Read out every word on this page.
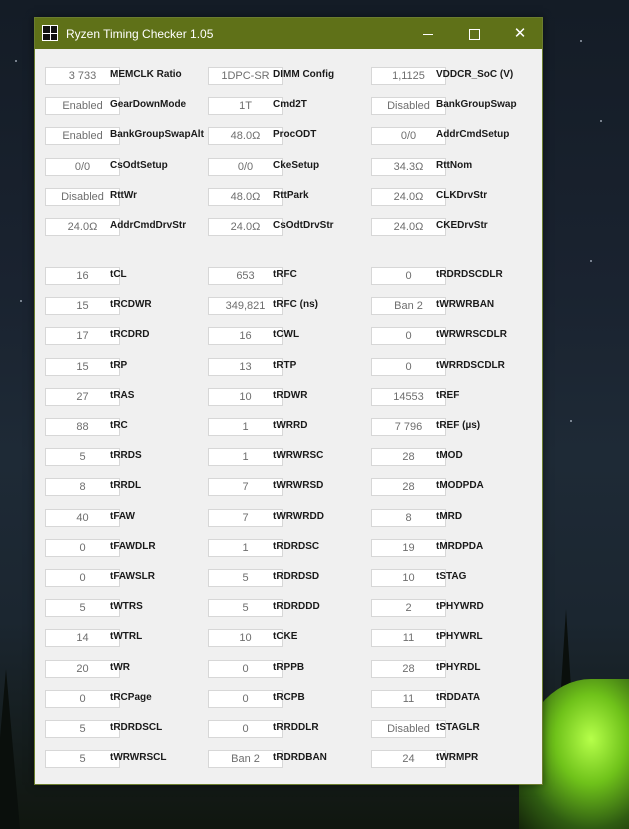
Ryzen Timing Checker 1.05	✕
3 733	MEMCLK Ratio	1DPC-SR DIMM Config	1,1125	VDDCR_SoC (V)
Enabled GearDownMode	1T	Cmd2T	Disabled BankGroupSwap
Enabled BankGroupSwapAlt	48.0Ω	ProcODT	0/0	AddrCmdSetup
0/0	CsOdtSetup	0/0	CkeSetup	34.3Ω	RttNom
Disabled RttWr	48.0Ω	RttPark	24.0Ω	CLKDrvStr
24.0Ω	AddrCmdDrvStr	24.0Ω	CsOdtDrvStr	24.0Ω	CKEDrvStr
16	tCL	653	tRFC	0	tRDRDSCDLR
15	tRCDWR	349,821 tRFC (ns)	Ban 2	tWRWRBAN
17	tRCDRD	16	tCWL	0	tWRWRSCDLR
15	tRP	13	tRTP	0	tWRRDSCDLR
27	tRAS	10	tRDWR	14553	tREF
88	tRC	1	tWRRD	7 796	tREF (µs)
5	tRRDS	1	tWRWRSC	28	tMOD
8	tRRDL	7	tWRWRSD	28	tMODPDA
40	tFAW	7	tWRWRDD	8	tMRD
0	tFAWDLR	1	tRDRDSC	19	tMRDPDA
0	tFAWSLR	5	tRDRDSD	10	tSTAG
5	tWTRS	5	tRDRDDD	2	tPHYWRD
14	tWTRL	10	tCKE	11	tPHYWRL
20	tWR	0	tRPPB	28	tPHYRDL
0	tRCPage	0	tRCPB	11	tRDDATA
5	tRDRDSCL	0	tRRDDLR	Disabled tSTAGLR
5	tWRWRSCL	Ban 2	tRDRDBAN	24	tWRMPR
